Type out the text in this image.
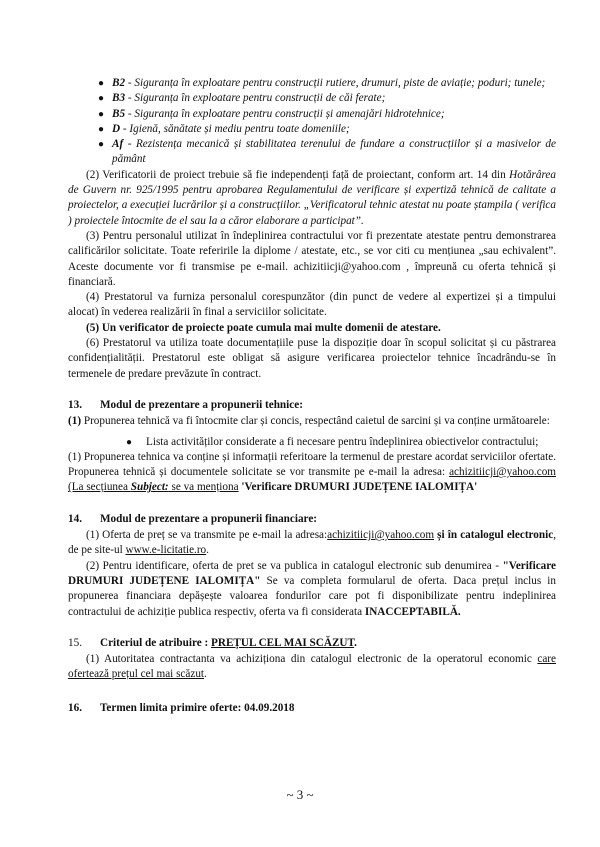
● B2 - Siguranța în exploatare pentru construcții rutiere, drumuri, piste de aviație; poduri; tunele;
● B3 - Siguranța în exploatare pentru construcții de căi ferate;
● B5 - Siguranța în exploatare pentru construcții și amenajări hidrotehnice;
● D - Igienă, sănătate și mediu pentru toate domeniile;
● Af - Rezistența mecanică și stabilitatea terenului de fundare a construcțiilor și a masivelor de pământ

(2) Verificatorii de proiect trebuie să fie independenți față de proiectant, conform art. 14 din Hotărârea de Guvern nr. 925/1995 pentru aprobarea Regulamentului de verificare și expertiză tehnică de calitate a proiectelor, a execuției lucrărilor și a construcțiilor. „Verificatorul tehnic atestat nu poate ștampila ( verifica ) proiectele întocmite de el sau la a căror elaborare a participat”.

(3) Pentru personalul utilizat în îndeplinirea contractului vor fi prezentate atestate pentru demonstrarea calificărilor solicitate. Toate referirile la diplome / atestate, etc., se vor citi cu mențiunea „sau echivalent”. Aceste documente vor fi transmise pe e-mail. achizitiicji@yahoo.com , împreună cu oferta tehnică și financiară.

(4) Prestatorul va furniza personalul corespunzător (din punct de vedere al expertizei și a timpului alocat) în vederea realizării în final a serviciilor solicitate.

(5) Un verificator de proiecte poate cumula mai multe domenii de atestare.

(6) Prestatorul va utiliza toate documentațiile puse la dispoziție doar în scopul solicitat și cu păstrarea confidențialității. Prestatorul este obligat să asigure verificarea proiectelor tehnice încadrându-se în termenele de predare prevăzute în contract.

13. Modul de prezentare a propunerii tehnice:

(1) Propunerea tehnică va fi întocmite clar și concis, respectând caietul de sarcini și va conține următoarele:

●	Lista activităților considerate a fi necesare pentru îndeplinirea obiectivelor contractului;

(1) Propunerea tehnica va conține și informații referitoare la termenul de prestare acordat serviciilor ofertate. Propunerea tehnică și documentele solicitate se vor transmite pe e-mail la adresa: achizitiicji@yahoo.com (La secțiunea Subject: se va menționa 'Verificare DRUMURI JUDEȚENE IALOMIȚA'

14. Modul de prezentare a propunerii financiare:

(1) Oferta de preț se va transmite pe e-mail la adresa:achizitiicji@yahoo.com și în catalogul electronic, de pe site-ul www.e-licitatie.ro.

(2) Pentru identificare, oferta de pret se va publica in catalogul electronic sub denumirea - "Verificare DRUMURI JUDEȚENE IALOMIȚA" Se va completa formularul de oferta. Daca prețul inclus in propunerea financiara depășește valoarea fondurilor care pot fi disponibilizate pentru indeplinirea contractului de achiziție publica respectiv, oferta va fi considerata INACCEPTABILĂ.

15. Criteriul de atribuire : PREȚUL CEL MAI SCĂZUT.

(1) Autoritatea contractanta va achiziționa din catalogul electronic de la operatorul economic care ofertează prețul cel mai scăzut.

16. Termen limita primire oferte: 04.09.2018
~ 3 ~
